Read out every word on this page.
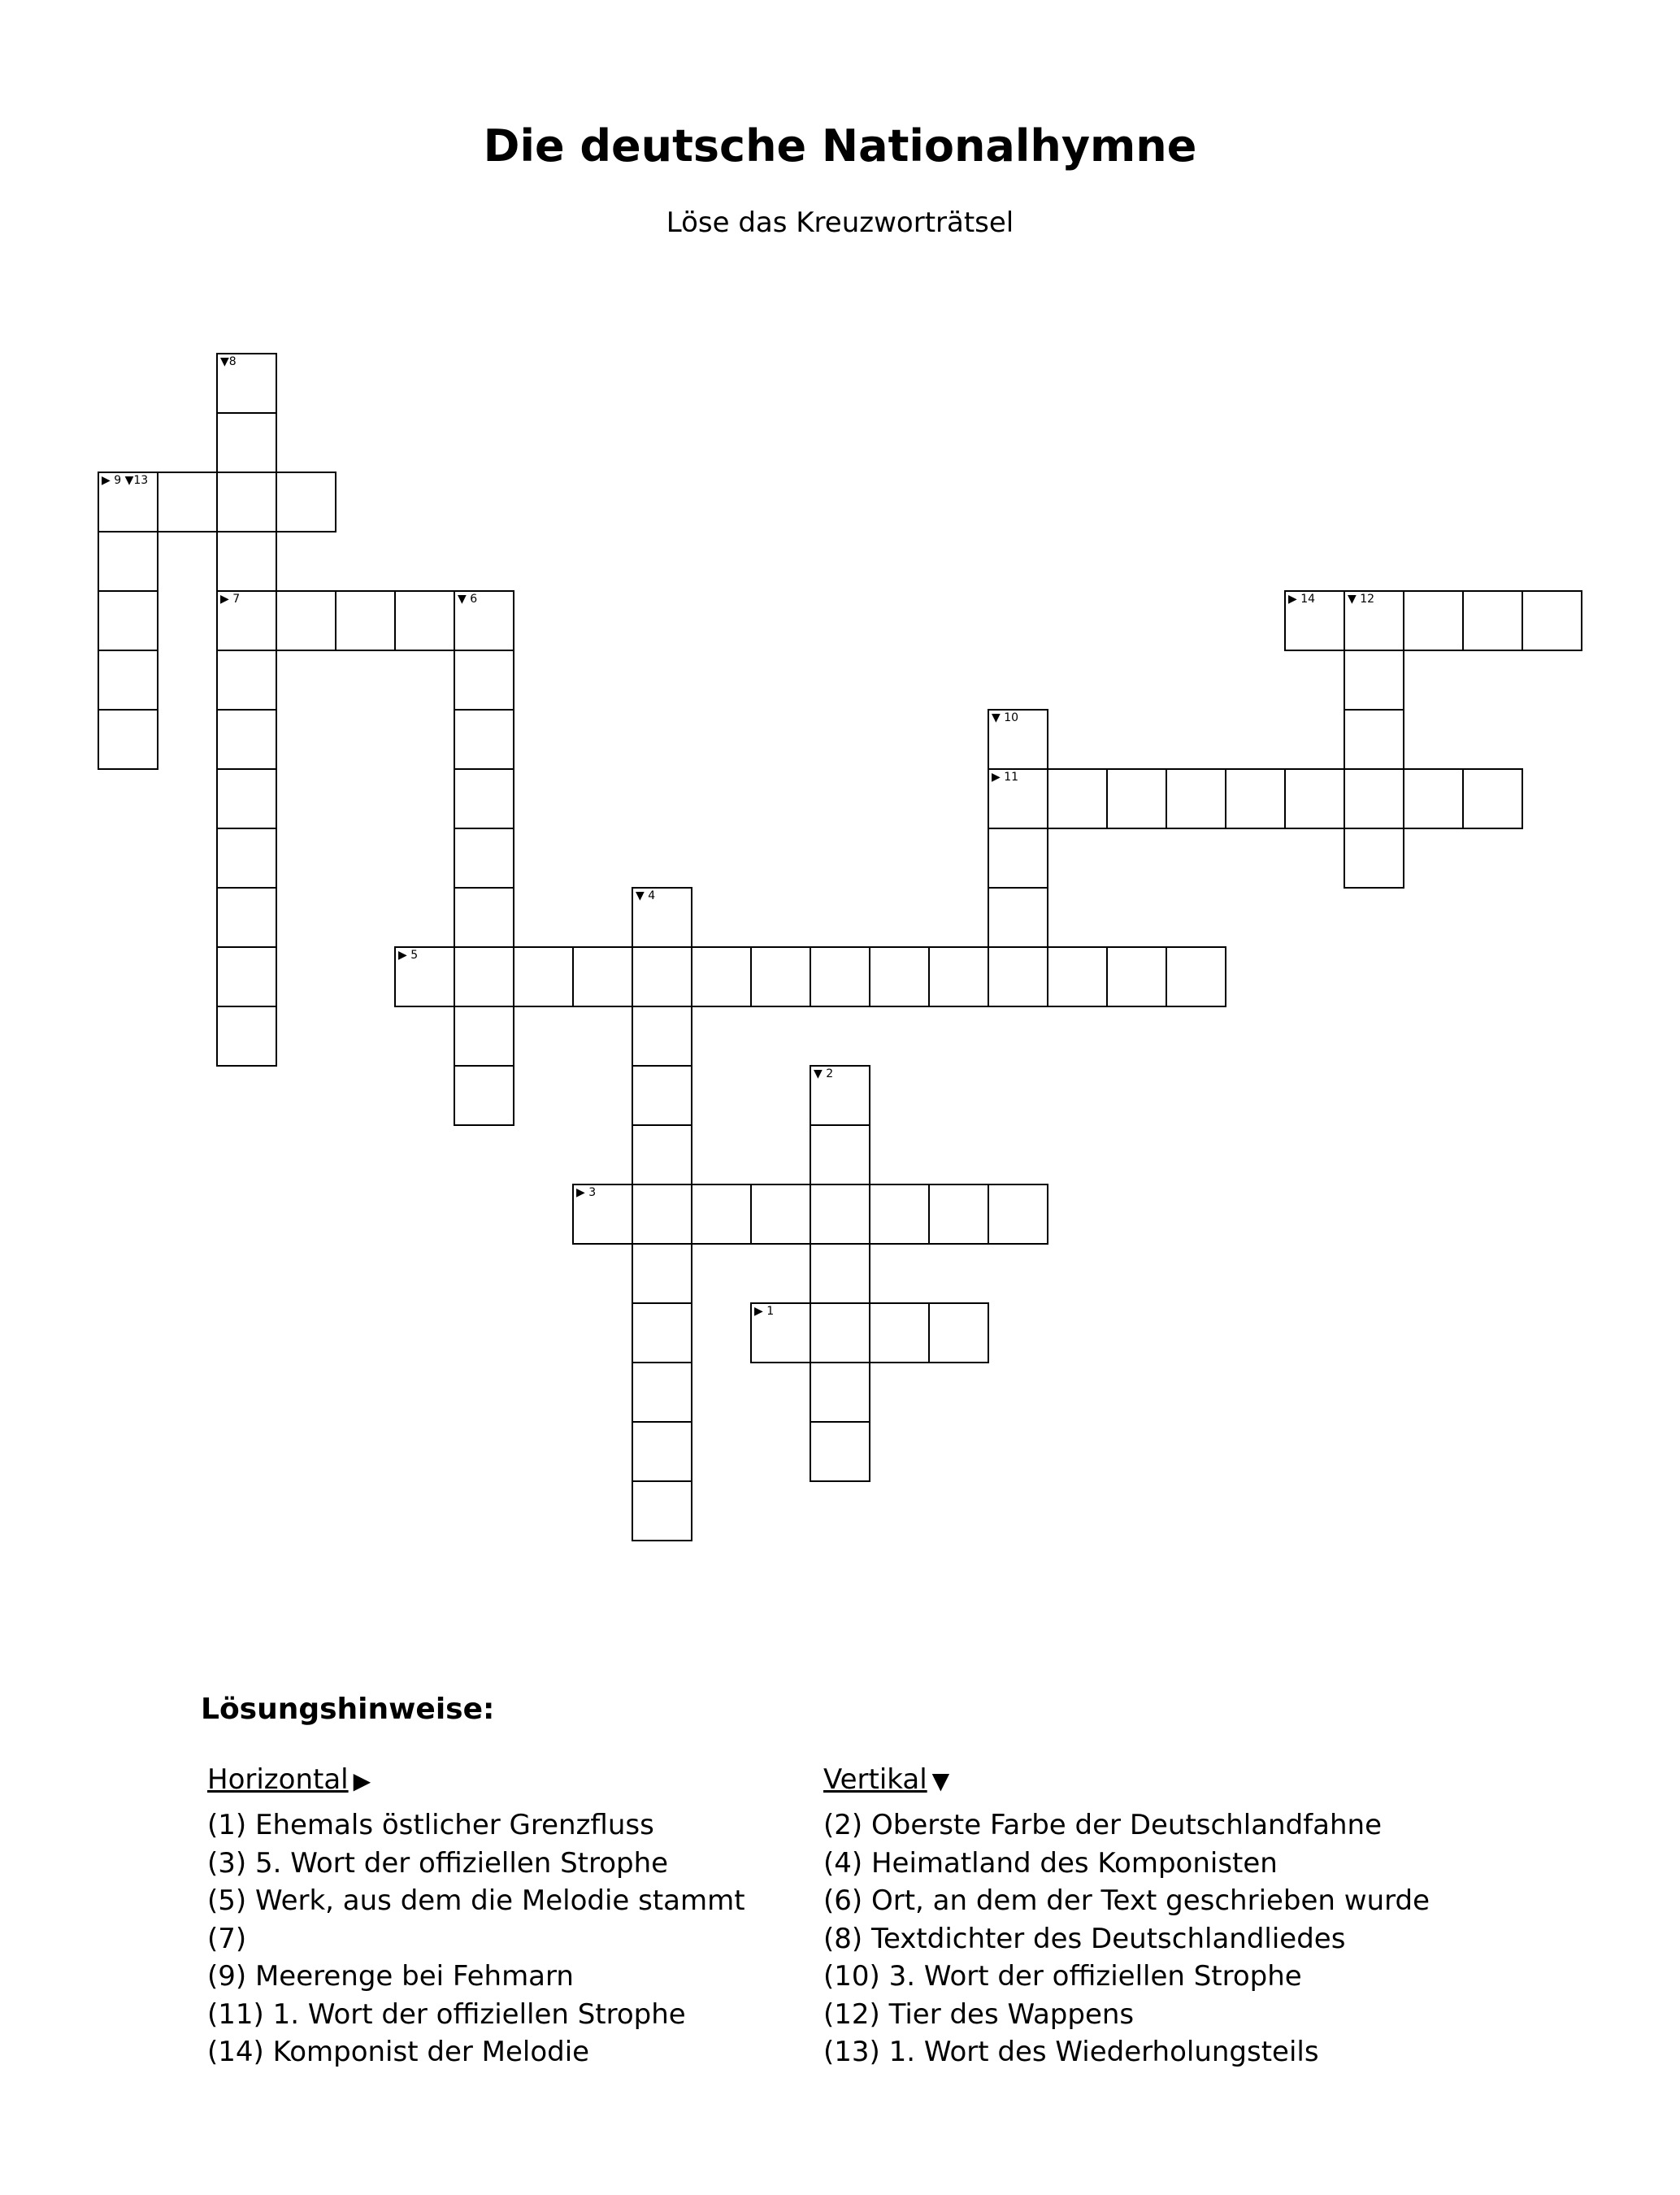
Die deutsche Nationalhymne
Löse das Kreuzworträtsel
▼8
▶ 7
▶ 9 ▼13
▼ 6	▶ 14	▼ 12
▼ 10
▶ 11
▼ 4
▶ 5
▼ 2
▶ 3
▶ 1
Lösungshinweise:
Horizontal ▶
(1) Ehemals östlicher Grenzfluss
(3) 5. Wort der offiziellen Strophe
(5) Werk, aus dem die Melodie stammt
(7)
(9) Meerenge bei Fehmarn
(11) 1. Wort der offiziellen Strophe
(14) Komponist der Melodie
Vertikal ▼
(2) Oberste Farbe der Deutschlandfahne
(4) Heimatland des Komponisten
(6) Ort, an dem der Text geschrieben wurde
(8) Textdichter des Deutschlandliedes
(10) 3. Wort der offiziellen Strophe
(12) Tier des Wappens
(13) 1. Wort des Wiederholungsteils
